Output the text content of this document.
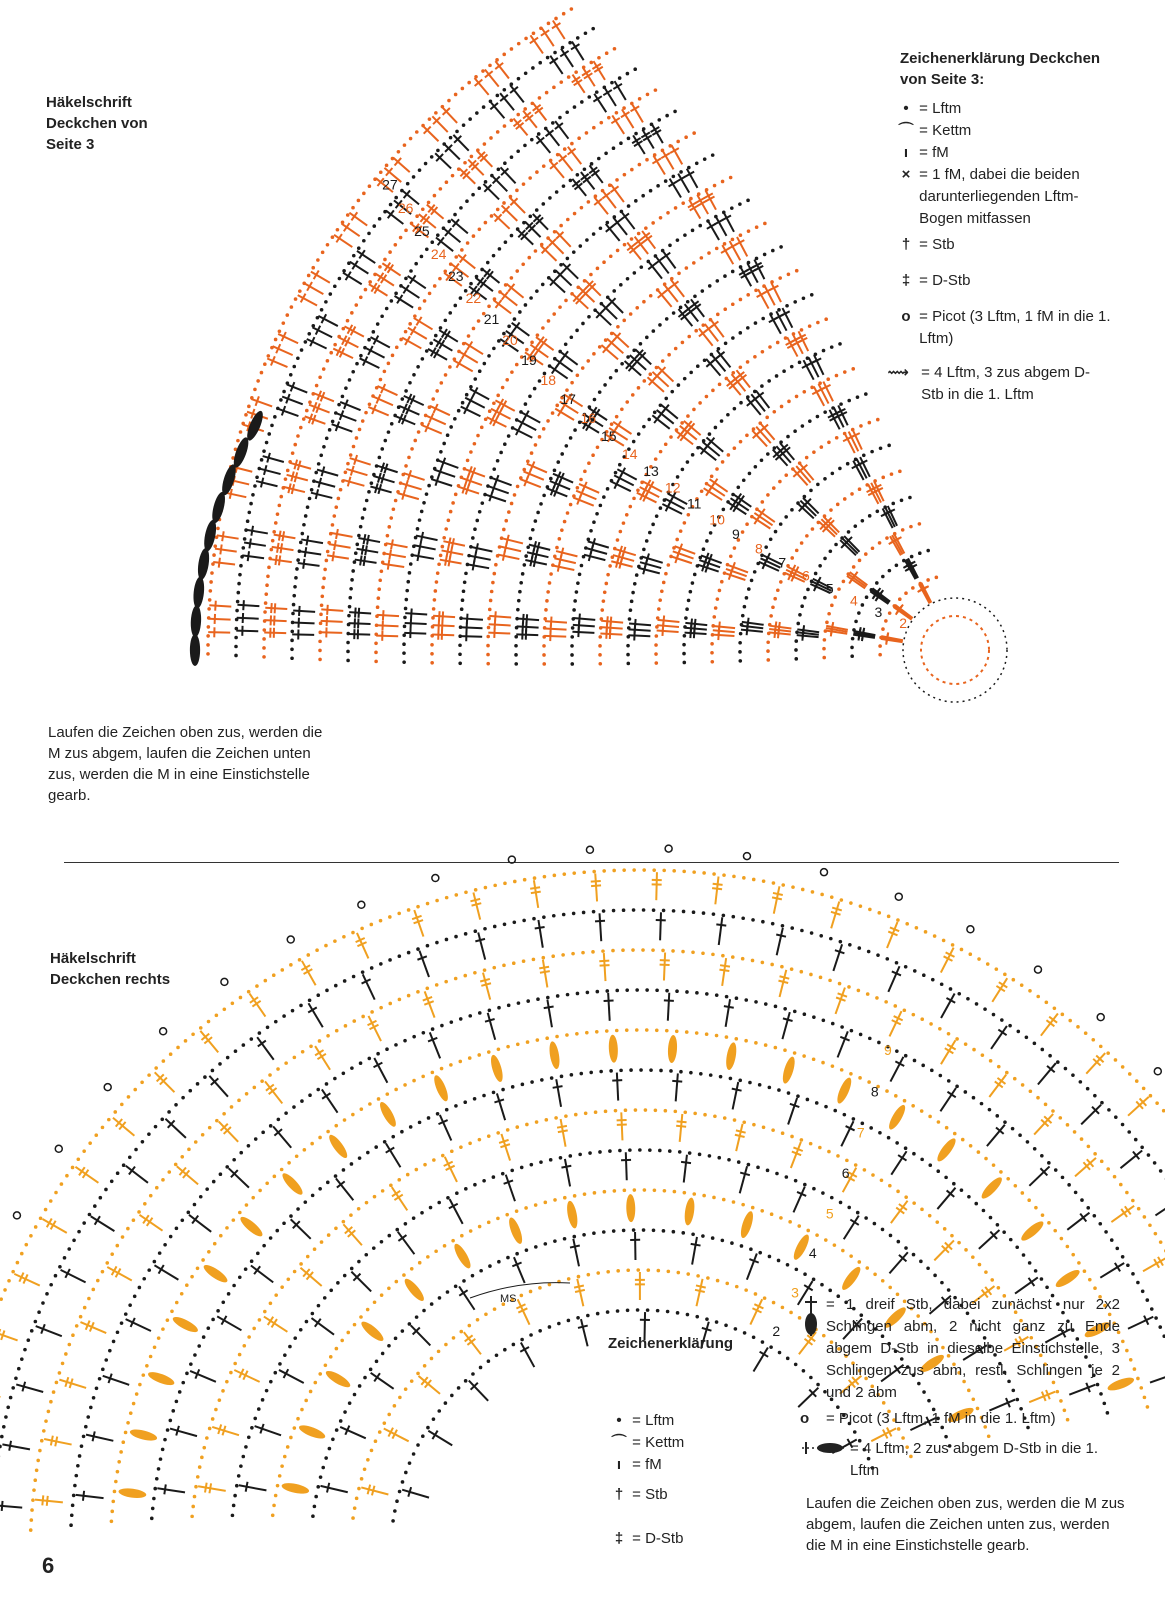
Häkelschrift
Deckchen von
Seite 3
2
3
4
5
6
7
8
9
10
11
12
13
14
15
16
17
18
19
20
21
22
23
24
25
26
27
Zeichenerklärung Deckchen
von Seite 3:
• = Lftm
⌒ = Kettm
ı = fM
×
= 1 fM, dabei die beiden darunterliegenden Lftm-Bogen mitfassen
† = Stb
‡ = D-Stb
o
= Picot (3 Lftm, 1 fM in die 1. Lftm)
⟿
= 4 Lftm, 3 zus abgem D-Stb in die 1. Lftm
Laufen die Zeichen oben zus, werden die M zus abgem, laufen die Zeichen unten zus, werden die M in eine Einstichstelle gearb.
Häkelschrift
Deckchen rechts
MS
2
3
4
5
6
7
8
9
Zeichenerklärung
• = Lftm
⌒ = Kettm
ı = fM
† = Stb
‡ = D-Stb
= 1 dreif Stb, dabei zunächst nur 2x2 Schlingen abm, 2 nicht ganz zu Ende abgem D-Stb in dieselbe Einstichstelle, 3 Schlingen zus abm, restl. Schlingen je 2 und 2 abm
o	= Picot (3 Lftm, 1 fM in die 1. Lftm)
= 4 Lftm, 2 zus abgem D-Stb in die 1. Lftm
Laufen die Zeichen oben zus, werden die M zus abgem, laufen die Zeichen unten zus, werden die M in eine Einstichstelle gearb.
6
